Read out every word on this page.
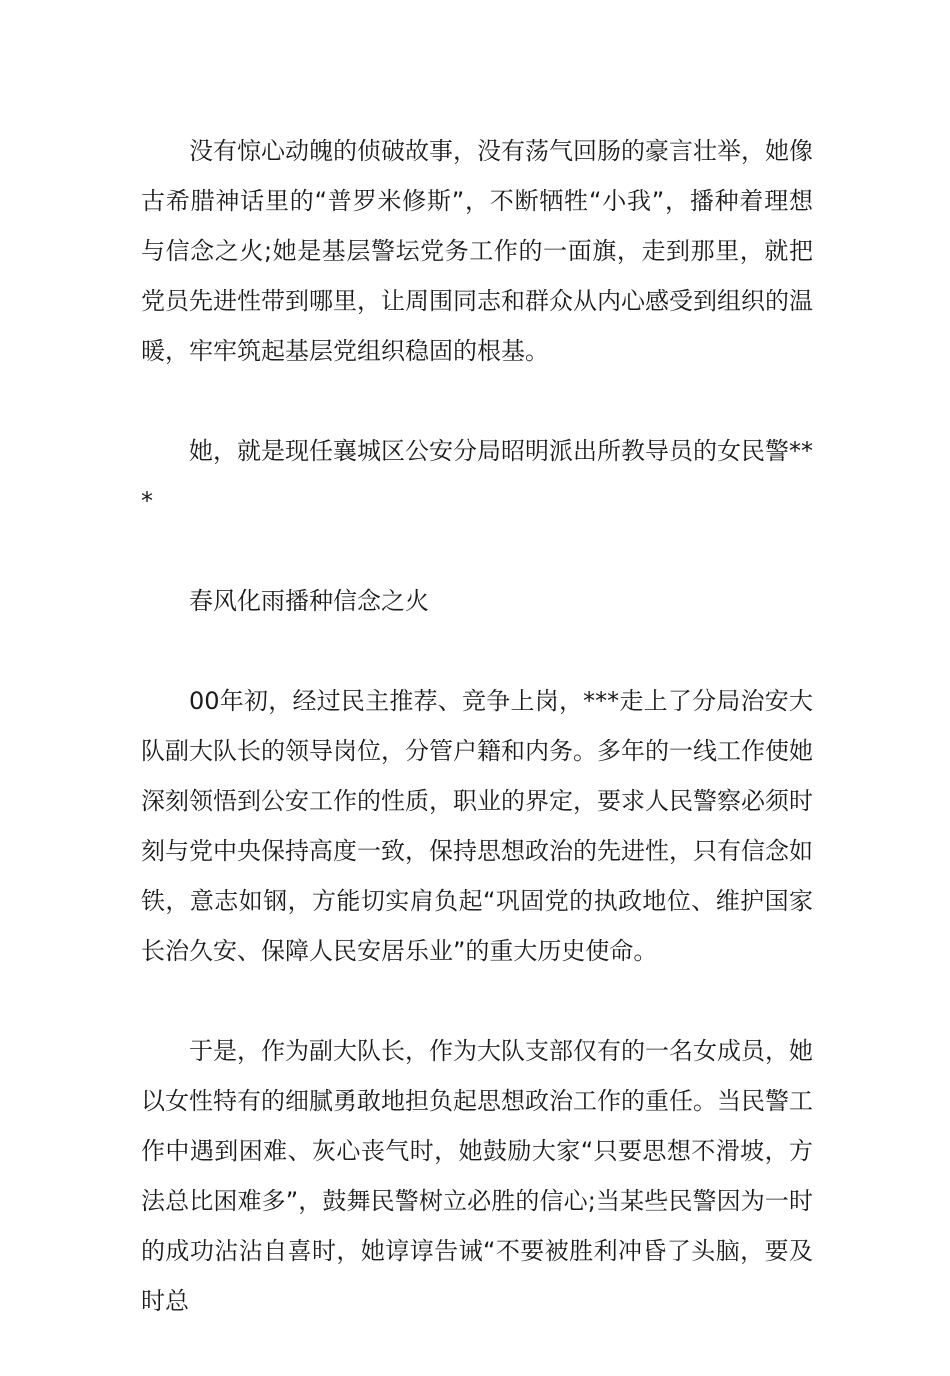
没有惊心动魄的侦破故事，没有荡气回肠的豪言壮举，她像古希腊神话里的“普罗米修斯”，不断牺牲“小我”，播种着理想与信念之火;她是基层警坛党务工作的一面旗，走到那里，就把党员先进性带到哪里，让周围同志和群众从内心感受到组织的温暖，牢牢筑起基层党组织稳固的根基。

她，就是现任襄城区公安分局昭明派出所教导员的女民警***

春风化雨播种信念之火

00年初，经过民主推荐、竞争上岗，***走上了分局治安大队副大队长的领导岗位，分管户籍和内务。多年的一线工作使她深刻领悟到公安工作的性质，职业的界定，要求人民警察必须时刻与党中央保持高度一致，保持思想政治的先进性，只有信念如铁，意志如钢，方能切实肩负起“巩固党的执政地位、维护国家长治久安、保障人民安居乐业”的重大历史使命。

于是，作为副大队长，作为大队支部仅有的一名女成员，她以女性特有的细腻勇敢地担负起思想政治工作的重任。当民警工作中遇到困难、灰心丧气时，她鼓励大家“只要思想不滑坡，方法总比困难多”，鼓舞民警树立必胜的信心;当某些民警因为一时的成功沾沾自喜时，她谆谆告诫“不要被胜利冲昏了头脑，要及时总
